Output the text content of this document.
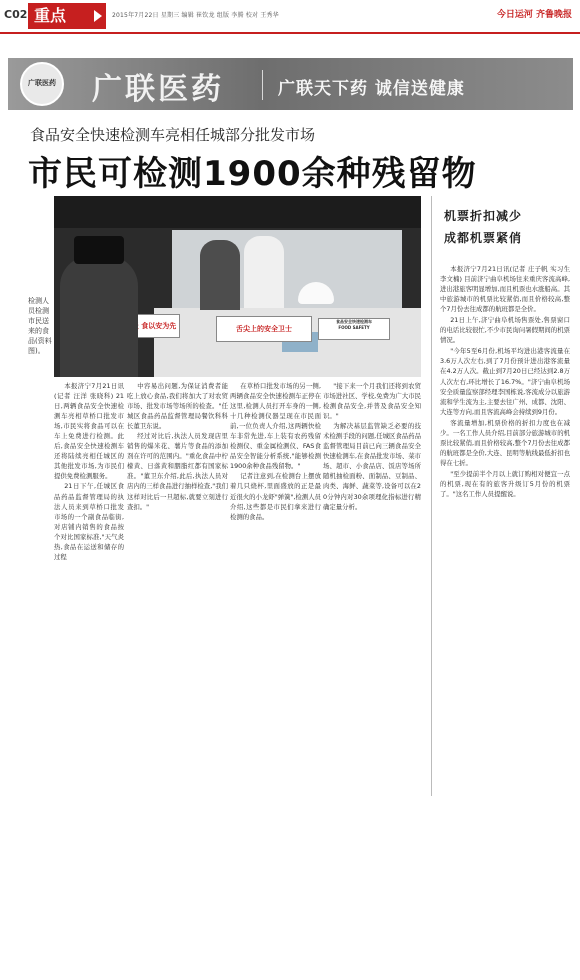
C02 重点	2015年7月22日 星期三 编辑 崔钦龙 组版 李腾 校对 王秀华	今日运河 齐鲁晚报
广联医药 广联医药	广联天下药 诚信送健康
食品安全快速检测车亮相任城部分批发市场
市民可检测1900余种残留物
食以安为先	舌尖上的安全卫士
食品安全快速检测车
FOOD SAFETY
检测人员检测市民送来的食品(资料图)。

本报济宁7月21日讯(记者 汪洋 张晓科) 21日,两辆食品安全快速检测车亮相草桥口批发市场,市民实将食品可以在车上免费进行检测。此后,食品安全快速检测车还将陆续亮相任城区的其他批发市场,为市民们提供免费检测服务。

21日下午,任城区食品药品监督管理局的执法人员来到草桥口批发市场的一个副食品临街,对店铺内销售的食品按个对比国家标准,"天气炎热,食品在运送和储存的过程

中容易出问题,为保证消费者能吃上放心食品,我们将加大了对农贸市场、批发市场等场所的检查。"任城区食品药品监督管理局餐饮科科长董卫东说。

经过对比后,执法人员发现店里销售的爆米花、薯片等食品的添加剂在许可的范围内。"重化食品中柠檬黄、日落黄和胭脂红都有国家标准。"董卫东介绍,此后,执法人员对店内的三样食品进行抽样检查,"我们这样对比后一旦超标,就要立刻进行查扣。"

在草桥口批发市场的另一侧,两辆食品安全快速检测车正停在这里,检测人员打开车身的一侧,十几种检测仪器呈现在市民面前,一位负责人介绍,这两辆快检车非常先进,车上装有农药残留检测仪、重金属检测仪、FAS食品安全智能分析系统,"能够检测1900余种食品残留物。"

记者注意到,在检测台上摆放着几只烧杯,里面盛放的正是最近很火的小龙虾"弹簧",检测人员介绍,这些都是市民们拿来进行检测的食品。

"接下来一个月我们还将到农贸市场进社区、学校,免费为广大市民检测食品安全,并普及食品安全知识。"

为解决基层监管缺乏必要的技术检测手段的问题,任城区食品药品监督管理局目前已向三辆食品安全快速检测车,在食品批发市场、菜市场、超市、小食品店、饭店等场所随机抽检面粉、面制品、豆制品、肉类、海鲜、蔬菜等,设备可以在20分钟内对30余项理化指标进行精确定量分析。

机票折扣减少
成都机票紧俏

本报济宁7月21日讯(记者 庄子帆 实习生 李文楠) 目前济宁曲阜机场往来重庆客流高峰,进出港旅客明显增加,而且机票也水涨船高。其中旅游城市的机票比较紧俏,而且价格较高,整个7月份去往成都的航班都是全价。

21日上午,济宁曲阜机场售票处,售票窗口的电话比较很忙,不少市民询问暑假期间的机票情况。

"今年5至6月份,机场平均进出港客流量在3.6万人次左右,到了7月份预计进出港客流量在4.2万人次。截止到7月20日已经达到2.8万人次左右,环比增长了16.7%。"济宁曲阜机场安全质量监察部经理李国栋说,客流成分以旅游流和学生流为主,主要去往广州、成都、沈阳、大连等方向,而且客流高峰会持续到9月份。

客流量增加,机票价格的折扣力度也在减少。一名工作人员介绍,目前部分旅游城市的机票比较紧俏,而且价格较高,整个7月份去往成都的航班都是全价,大连、昆明等航线最低折扣也得在七折。

"至少提前半个月以上就订购相对便宜一点的机票,现在有的旅客升级订5月份的机票了。"这名工作人员提醒说。
